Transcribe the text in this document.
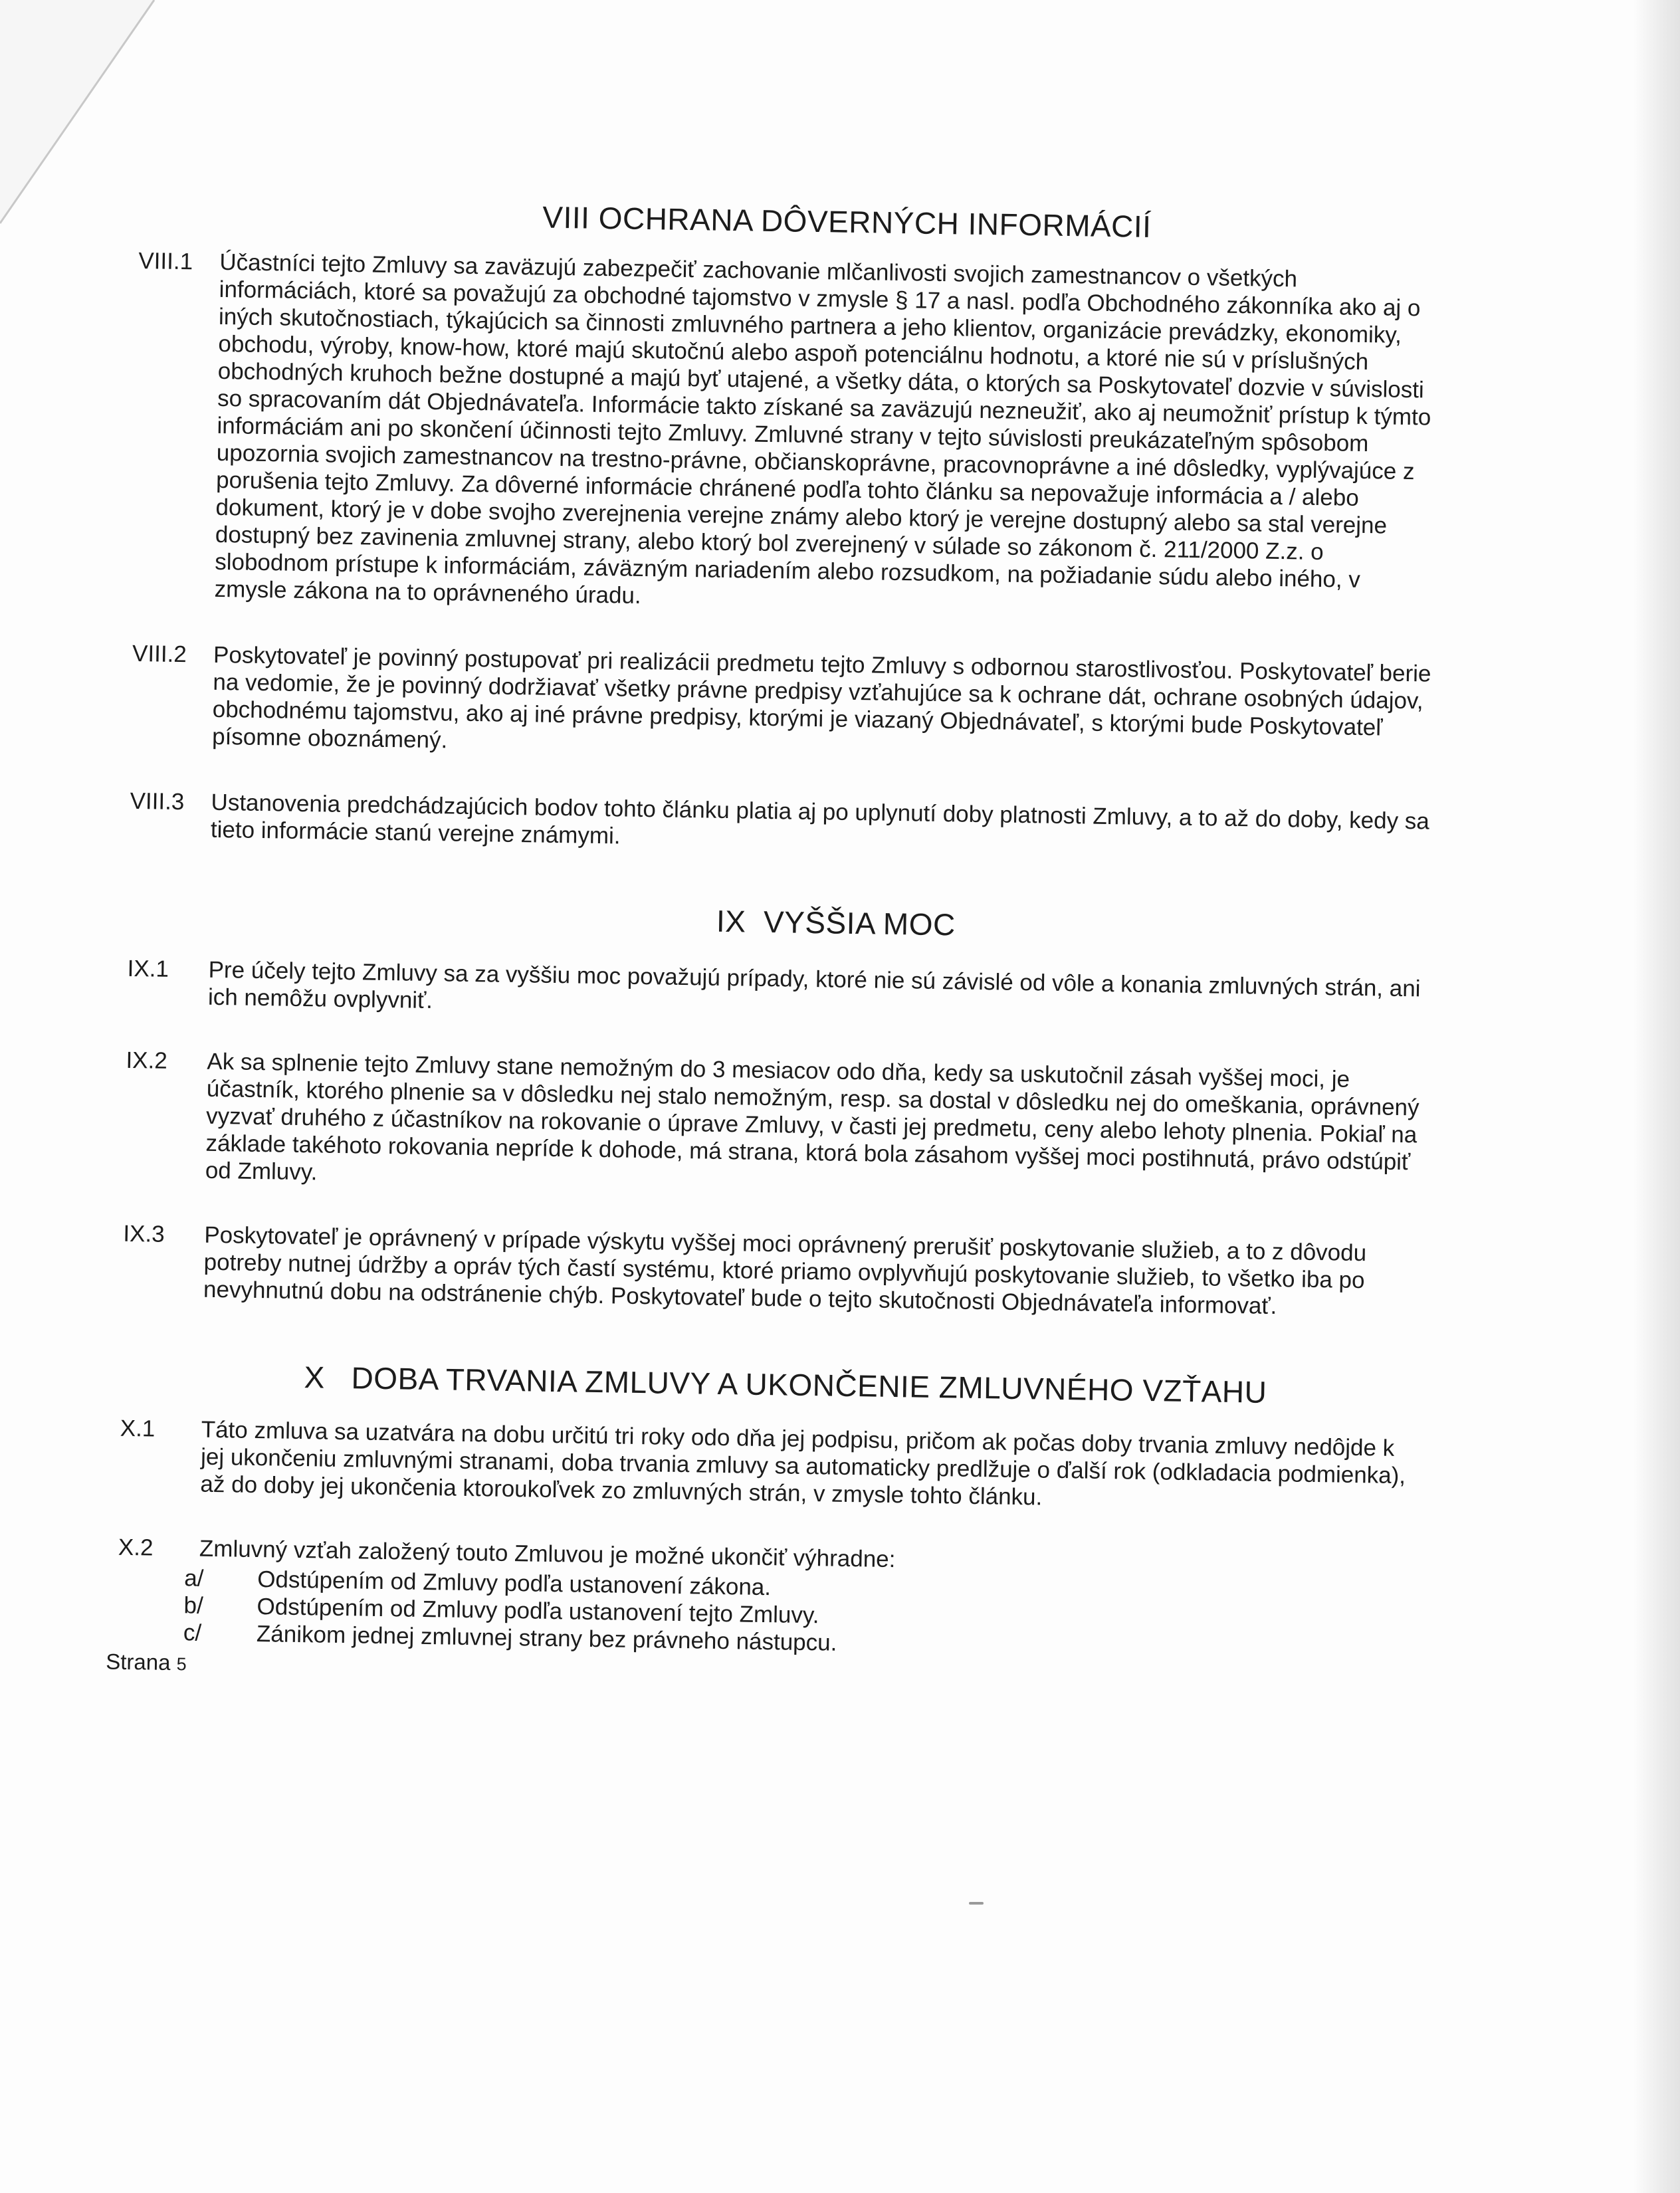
VIII OCHRANA DÔVERNÝCH INFORMÁCIÍ
VIII.1	Účastníci tejto Zmluvy sa zaväzujú zabezpečiť zachovanie mlčanlivosti svojich zamestnancov o všetkých informáciách, ktoré sa považujú za obchodné tajomstvo v zmysle § 17 a nasl. podľa Obchodného zákonníka ako aj o iných skutočnostiach, týkajúcich sa činnosti zmluvného partnera a jeho klientov, organizácie prevádzky, ekonomiky, obchodu, výroby, know-how, ktoré majú skutočnú alebo aspoň potenciálnu hodnotu, a ktoré nie sú v príslušných obchodných kruhoch bežne dostupné a majú byť utajené, a všetky dáta, o ktorých sa Poskytovateľ dozvie v súvislosti so spracovaním dát Objednávateľa. Informácie takto získané sa zaväzujú nezneužiť, ako aj neumožniť prístup k týmto informáciám ani po skončení účinnosti tejto Zmluvy. Zmluvné strany v tejto súvislosti preukázateľným spôsobom upozornia svojich zamestnancov na trestno-právne, občianskoprávne, pracovnoprávne a iné dôsledky, vyplývajúce z porušenia tejto Zmluvy. Za dôverné informácie chránené podľa tohto článku sa nepovažuje informácia a / alebo dokument, ktorý je v dobe svojho zverejnenia verejne známy alebo ktorý je verejne dostupný alebo sa stal verejne dostupný bez zavinenia zmluvnej strany, alebo ktorý bol zverejnený v súlade so zákonom č. 211/2000 Z.z. o slobodnom prístupe k informáciám, záväzným nariadením alebo rozsudkom, na požiadanie súdu alebo iného, v zmysle zákona na to oprávneného úradu.

VIII.2	Poskytovateľ je povinný postupovať pri realizácii predmetu tejto Zmluvy s odbornou starostlivosťou. Poskytovateľ berie na vedomie, že je povinný dodržiavať všetky právne predpisy vzťahujúce sa k ochrane dát, ochrane osobných údajov, obchodnému tajomstvu, ako aj iné právne predpisy, ktorými je viazaný Objednávateľ, s ktorými bude Poskytovateľ písomne oboznámený.

VIII.3	Ustanovenia predchádzajúcich bodov tohto článku platia aj po uplynutí doby platnosti Zmluvy, a to až do doby, kedy sa tieto informácie stanú verejne známymi.

IX  VYŠŠIA MOC
IX.1	Pre účely tejto Zmluvy sa za vyššiu moc považujú prípady, ktoré nie sú závislé od vôle a konania zmluvných strán, ani ich nemôžu ovplyvniť.

IX.2	Ak sa splnenie tejto Zmluvy stane nemožným do 3 mesiacov odo dňa, kedy sa uskutočnil zásah vyššej moci, je účastník, ktorého plnenie sa v dôsledku nej stalo nemožným, resp. sa dostal v dôsledku nej do omeškania, oprávnený vyzvať druhého z účastníkov na rokovanie o úprave Zmluvy, v časti jej predmetu, ceny alebo lehoty plnenia. Pokiaľ na základe takéhoto rokovania nepríde k dohode, má strana, ktorá bola zásahom vyššej moci postihnutá, právo odstúpiť od Zmluvy.

IX.3	Poskytovateľ je oprávnený v prípade výskytu vyššej moci oprávnený prerušiť poskytovanie služieb, a to z dôvodu potreby nutnej údržby a opráv tých častí systému, ktoré priamo ovplyvňujú poskytovanie služieb, to všetko iba po nevyhnutnú dobu na odstránenie chýb. Poskytovateľ bude o tejto skutočnosti Objednávateľa informovať.

X   DOBA TRVANIA ZMLUVY A UKONČENIE ZMLUVNÉHO VZŤAHU
X.1	Táto zmluva sa uzatvára na dobu určitú tri roky odo dňa jej podpisu, pričom ak počas doby trvania zmluvy nedôjde k jej ukončeniu zmluvnými stranami, doba trvania zmluvy sa automaticky predlžuje o ďalší rok (odkladacia podmienka), až do doby jej ukončenia ktoroukoľvek zo zmluvných strán, v zmysle tohto článku.

X.2	Zmluvný vzťah založený touto Zmluvou je možné ukončiť výhradne:

a/	Odstúpením od Zmluvy podľa ustanovení zákona.
b/	Odstúpením od Zmluvy podľa ustanovení tejto Zmluvy.
c/	Zánikom jednej zmluvnej strany bez právneho nástupcu.
Strana 5
